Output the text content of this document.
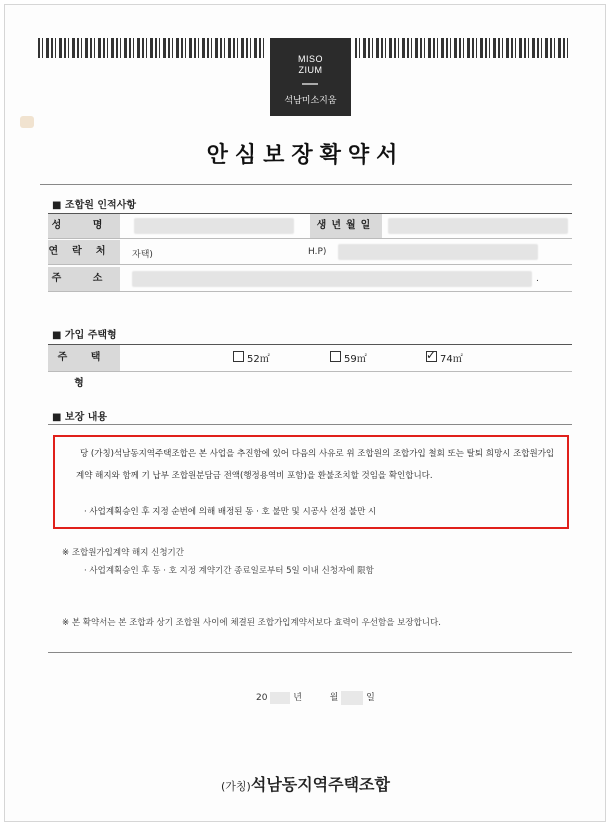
MISO
ZIUM
석남미소지움
안심보장확약서
■ 조합원 인적사항
성 명	생년월일
연락처 자택)	H.P)
주 소	.
■ 가입 주택형
주 택 형
52㎡	59㎡	✓ 74㎡
■ 보장 내용
당 (가칭)석남동지역주택조합은 본 사업을 추진함에 있어 다음의 사유로 위 조합원의 조합가입 철회 또는 탈퇴 희망시 조합원가입
계약 해지와 함께 기 납부 조합원분담금 전액(행정용역비 포함)을 환불조치할 것임을 확인합니다.
· 사업계획승인 후 지정 순번에 의해 배정된 동 · 호 불만 및 시공사 선정 불만 시
※ 조합원가입계약 해지 신청기간
· 사업계획승인 후 동 · 호 지정 계약기간 종료일로부터 5일 이내 신청자에 限함
※ 본 확약서는 본 조합과 상기 조합원 사이에 체결된 조합가입계약서보다 효력이 우선함을 보장합니다.
20	년	월	일
(가칭)석남동지역주택조합
